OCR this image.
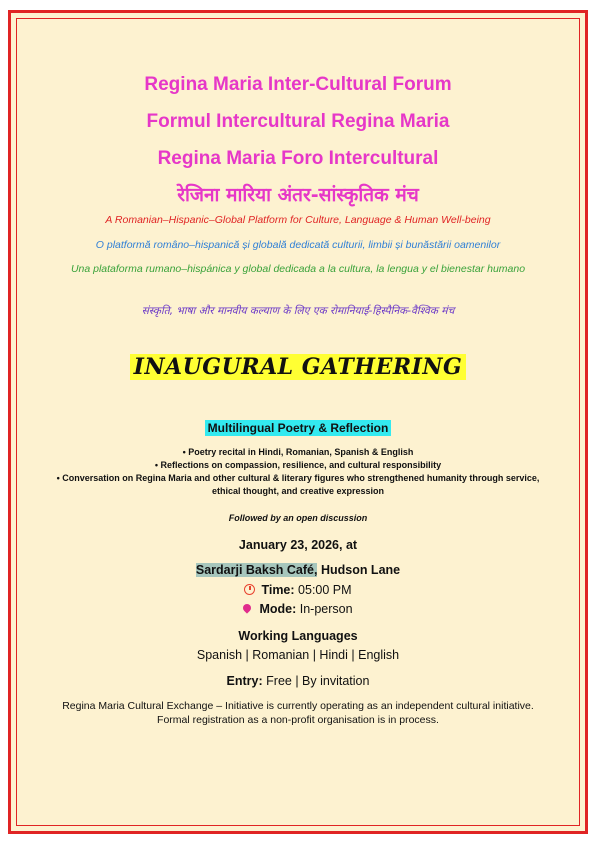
Regina Maria Inter-Cultural Forum
Formul Intercultural Regina Maria
Regina Maria Foro Intercultural
रेजिना मारिया अंतर-सांस्कृतिक मंच
A Romanian–Hispanic–Global Platform for Culture, Language & Human Well-being
O platformă româno–hispanică și globală dedicată culturii, limbii și bunăstării oamenilor
Una plataforma rumano–hispánica y global dedicada a la cultura, la lengua y el bienestar humano
संस्कृति, भाषा और मानवीय कल्याण के लिए एक रोमानियाई-हिस्पैनिक-वैश्विक मंच
INAUGURAL GATHERING
Multilingual Poetry & Reflection
• Poetry recital in Hindi, Romanian, Spanish & English
• Reflections on compassion, resilience, and cultural responsibility
• Conversation on Regina Maria and other cultural & literary figures who strengthened humanity through service, ethical thought, and creative expression
Followed by an open discussion
January 23, 2026, at
Sardarji Baksh Café, Hudson Lane
Time: 05:00 PM
Mode: In-person
Working Languages
Spanish | Romanian | Hindi | English
Entry: Free | By invitation
Regina Maria Cultural Exchange – Initiative is currently operating as an independent cultural initiative.
Formal registration as a non-profit organisation is in process.
